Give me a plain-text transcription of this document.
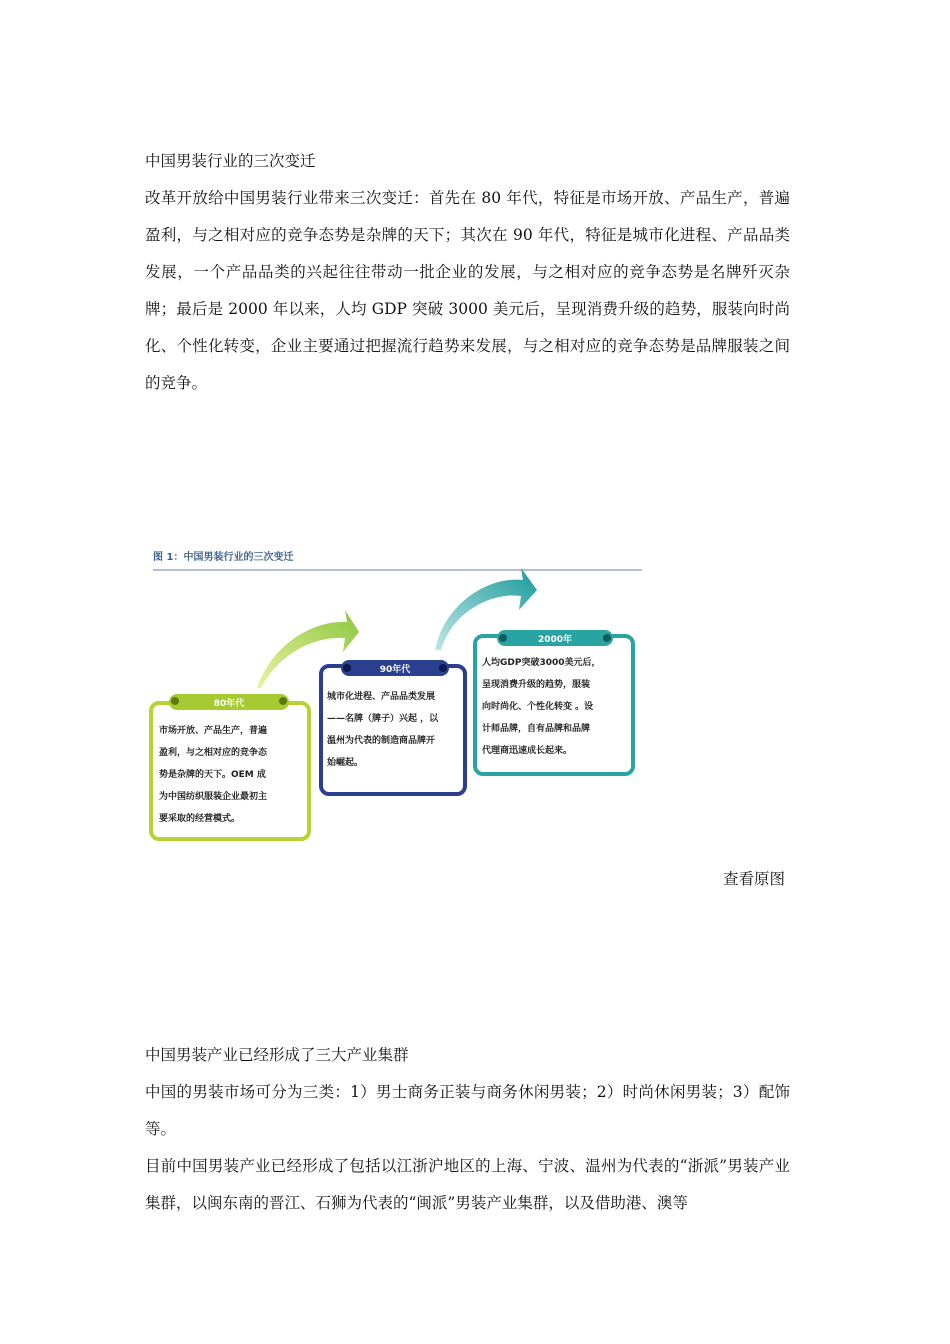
中国男装行业的三次变迁

改革开放给中国男装行业带来三次变迁：首先在 80 年代，特征是市场开放、产品生产，普遍盈利，与之相对应的竞争态势是杂牌的天下；其次在 90 年代，特征是城市化进程、产品品类发展，一个产品品类的兴起往往带动一批企业的发展，与之相对应的竞争态势是名牌歼灭杂牌；最后是 2000 年以来，人均 GDP 突破 3000 美元后，呈现消费升级的趋势，服装向时尚化、个性化转变，企业主要通过把握流行趋势来发展，与之相对应的竞争态势是品牌服装之间的竞争。

图 1：中国男装行业的三次变迁
80年代
市场开放、产品生产，普遍
盈利，与之相对应的竞争态
势是杂牌的天下。OEM 成
为中国纺织服装企业最初主
要采取的经营模式。
90年代
城市化进程、产品品类发展
——名牌（牌子）兴起 ，以
温州为代表的制造商品牌开
始崛起。
2000年
人均GDP突破3000美元后，
呈现消费升级的趋势，服装
向时尚化、个性化转变 。设
计师品牌，自有品牌和品牌
代理商迅速成长起来。
查看原图

中国男装产业已经形成了三大产业集群

中国的男装市场可分为三类：1）男士商务正装与商务休闲男装；2）时尚休闲男装；3）配饰等。

目前中国男装产业已经形成了包括以江浙沪地区的上海、宁波、温州为代表的“浙派”男装产业集群，以闽东南的晋江、石狮为代表的“闽派”男装产业集群，以及借助港、澳等
